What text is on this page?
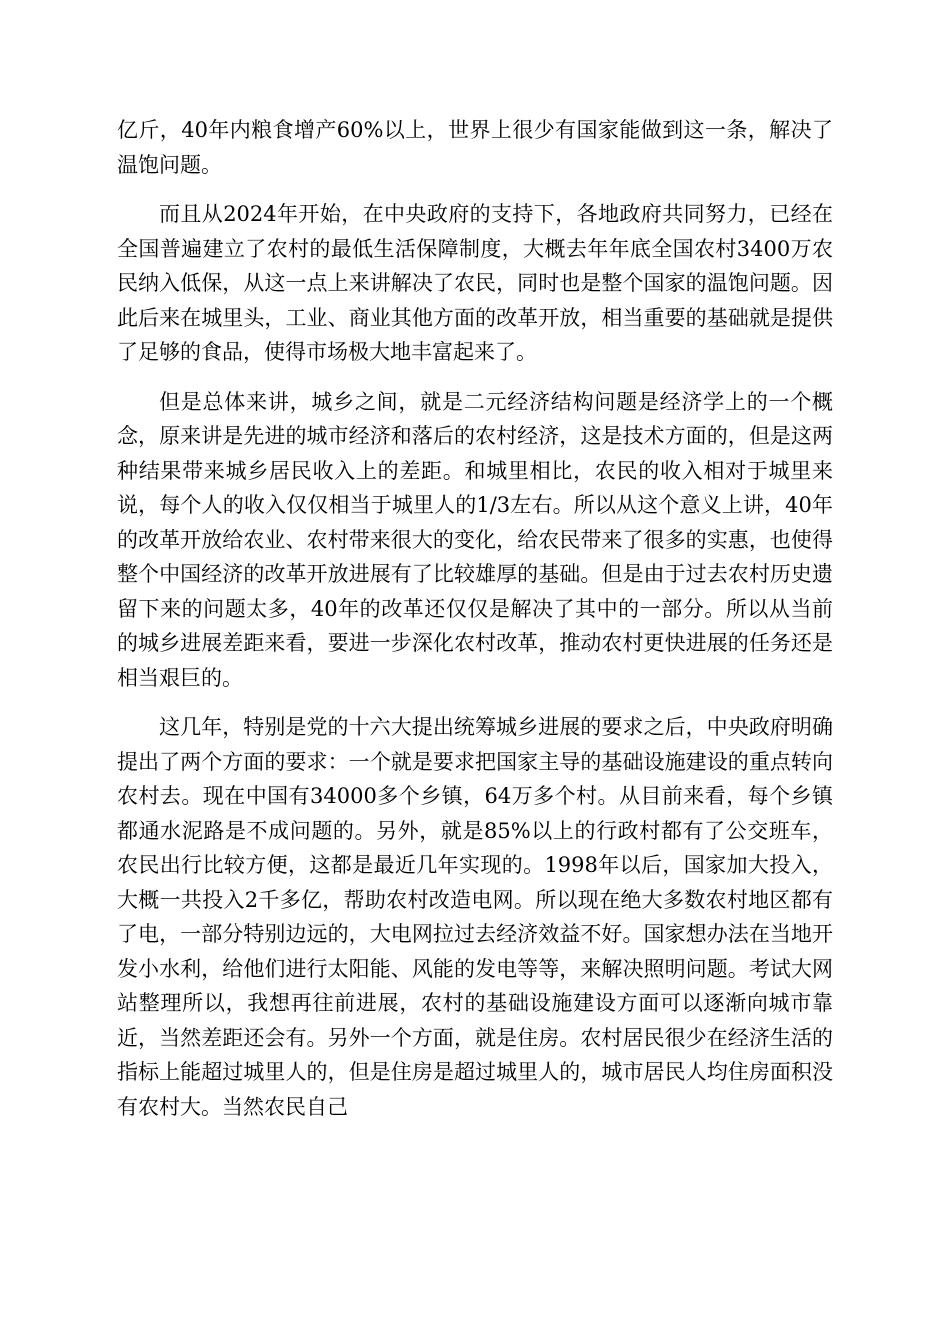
亿斤，40年内粮食增产60%以上，世界上很少有国家能做到这一条，解决了温饱问题。

而且从2024年开始，在中央政府的支持下，各地政府共同努力，已经在全国普遍建立了农村的最低生活保障制度，大概去年年底全国农村3400万农民纳入低保，从这一点上来讲解决了农民，同时也是整个国家的温饱问题。因此后来在城里头，工业、商业其他方面的改革开放，相当重要的基础就是提供了足够的食品，使得市场极大地丰富起来了。

但是总体来讲，城乡之间，就是二元经济结构问题是经济学上的一个概念，原来讲是先进的城市经济和落后的农村经济，这是技术方面的，但是这两种结果带来城乡居民收入上的差距。和城里相比，农民的收入相对于城里来说，每个人的收入仅仅相当于城里人的1/3左右。所以从这个意义上讲，40年的改革开放给农业、农村带来很大的变化，给农民带来了很多的实惠，也使得整个中国经济的改革开放进展有了比较雄厚的基础。但是由于过去农村历史遗留下来的问题太多，40年的改革还仅仅是解决了其中的一部分。所以从当前的城乡进展差距来看，要进一步深化农村改革，推动农村更快进展的任务还是相当艰巨的。

这几年，特别是党的十六大提出统筹城乡进展的要求之后，中央政府明确提出了两个方面的要求：一个就是要求把国家主导的基础设施建设的重点转向农村去。现在中国有34000多个乡镇，64万多个村。从目前来看，每个乡镇都通水泥路是不成问题的。另外，就是85%以上的行政村都有了公交班车，农民出行比较方便，这都是最近几年实现的。1998年以后，国家加大投入，大概一共投入2千多亿，帮助农村改造电网。所以现在绝大多数农村地区都有了电，一部分特别边远的，大电网拉过去经济效益不好。国家想办法在当地开发小水利，给他们进行太阳能、风能的发电等等，来解决照明问题。考试大网站整理所以，我想再往前进展，农村的基础设施建设方面可以逐渐向城市靠近，当然差距还会有。另外一个方面，就是住房。农村居民很少在经济生活的指标上能超过城里人的，但是住房是超过城里人的，城市居民人均住房面积没有农村大。当然农民自己
